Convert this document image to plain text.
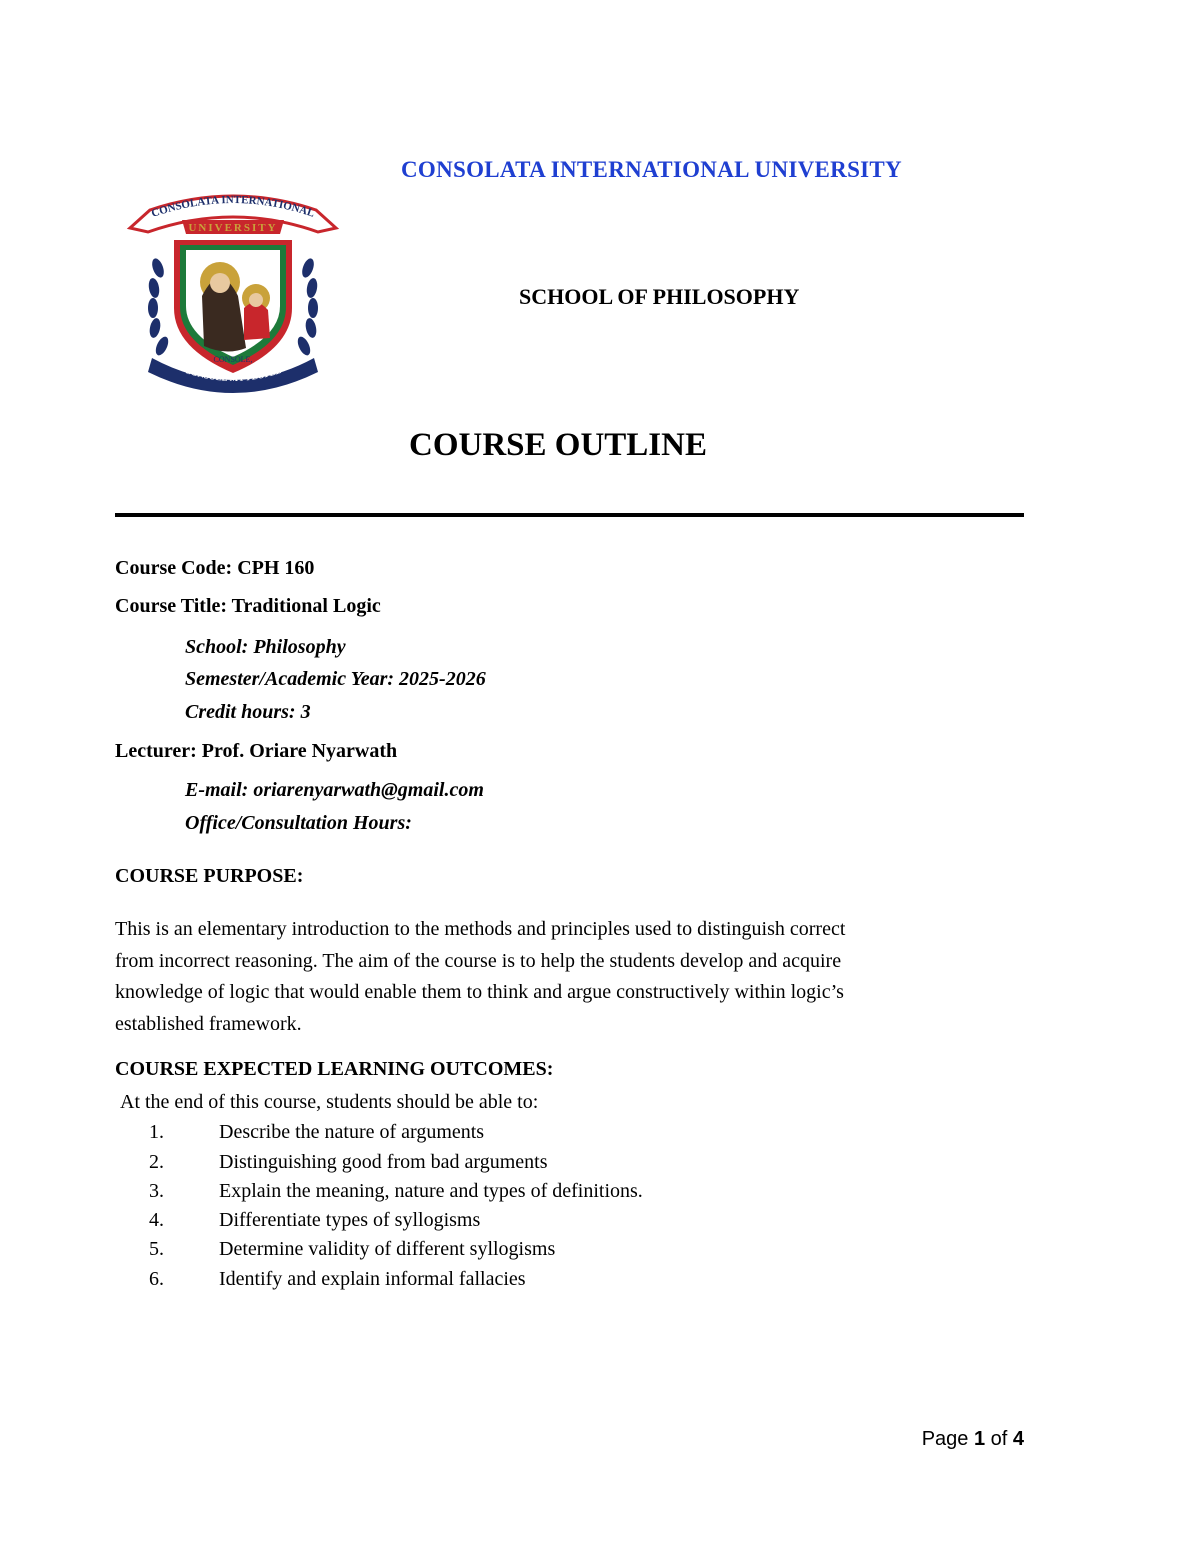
CONSOLATA INTERNATIONAL
UNIVERSITY
CONSOLE MY PEOPLE
CONSOLE,
CONSOLATA INTERNATIONAL UNIVERSITY
SCHOOL OF PHILOSOPHY
COURSE OUTLINE
Course Code: CPH 160
Course Title: Traditional Logic
School: Philosophy
Semester/Academic Year: 2025-2026
Credit hours: 3
Lecturer: Prof. Oriare Nyarwath
E-mail: oriarenyarwath@gmail.com
Office/Consultation Hours:
COURSE PURPOSE:
This is an elementary introduction to the methods and principles used to distinguish correct
from incorrect reasoning. The aim of the course is to help the students develop and acquire
knowledge of logic that would enable them to think and argue constructively within logic’s
established framework.
COURSE EXPECTED LEARNING OUTCOMES:
At the end of this course, students should be able to:
1.	Describe the nature of arguments
2.	Distinguishing good from bad arguments
3.	Explain the meaning, nature and types of definitions.
4.	Differentiate types of syllogisms
5.	Determine validity of different syllogisms
6.	Identify and explain informal fallacies
Page 1 of 4
